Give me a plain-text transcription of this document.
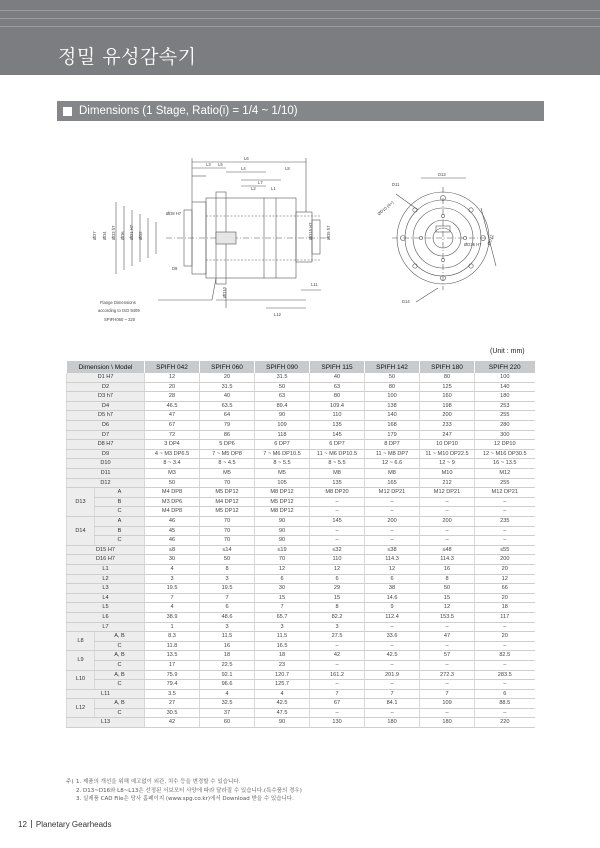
정밀 유성감속기
Dimensions (1 Stage, Ratio(i) = 1/4 ~ 1/10)
L6
L3 L5
L4	L8
L7
L2	L1
L11
L12
ØD8 H7
D9
ØD7 ØD4 ØD3 h7 ØD6 ØD1 H7 ØD2	ØD15 H7	ØD5 h7
ØD10
Flange Dimensions
according to ISO 9409
SPIFH060 ~ 220
D13
D11
ØD10 (4×)
ØD16 H7 ØD12
D14
(Unit : mm)
Dimension \ Model		SPIFH 042	SPIFH 060	SPIFH 090	SPIFH 115	SPIFH 142	SPIFH 180	SPIFH 220
D1 H7		12	20	31.5	40	50	80	100
D2		20	31.5	50	63	80	125	140
D3 h7		28	40	63	80	100	160	180
D4		46.5	63.5	89.4	109.4	138	198	253
D5 h7		47	64	90	110	140	200	255
D6		67	79	109	135	168	233	280
D7		72	86	118	145	179	247	300
D8 H7		3 DP4	5 DP6	6 DP7	6 DP7	8 DP7	10 DP10	12 DP10
D9		4 ~ M3 DP6.5	7 ~ M5 DP8	7 ~ M6 DP10.5	11 ~ M6 DP10.5	11 ~ M8 DP7	11 ~ M10 DP22.5	12 ~ M16 DP30.5
D10		8 ~ 3.4	8 ~ 4.5	8 ~ 5.5	8 ~ 5.5	12 ~ 6.6	12 ~ 9	16 ~ 13.5
D11		M3	M5	M5	M8	M8	M10	M12
D12		50	70	105	135	165	212	255
D13	A	M4 DP8	M5 DP12	M8 DP12	M8 DP20	M12 DP21	M12 DP21	M12 DP21
	B	M3 DP6	M4 DP12	M5 DP12	–	–	–	–
	C	M4 DP8	M5 DP12	M8 DP12	–	–	–	–
D14	A	46	70	90	145	200	200	235
	B	45	70	90	–	–	–	–
	C	46	70	90	–	–	–	–
D15 H7		≤8	≤14	≤19	≤32	≤38	≤48	≤55
D16 H7		30	50	70	110	114.3	114.3	200
L1		4	8	12	12	12	16	20
L2		3	3	6	6	6	8	12
L3		19.5	19.5	30	29	38	50	66
L4		7	7	15	15	14.6	15	20
L5		4	6	7	8	9	12	18
L6		38.9	48.6	65.7	82.2	112.4	153.5	117
L7		1	3	3	3	–	–	–
L8	A, B	8.3	11.5	11.5	27.5	33.6	47	20
	C	11.8	16	16.5	–	–	–	–
L9	A, B	13.5	18	18	42	42.5	57	82.5
	C	17	22.5	23	–	–	–	–
L10	A, B	75.9	92.1	120.7	161.2	201.9	272.3	283.5
	C	79.4	96.6	125.7	–	–	–	–
L11		3.5	4	4	7	7	7	6
L12	A, B	27	32.5	42.5	67	84.1	109	88.5
	C	30.5	37	47.5	–	–	–	–
L13		42	60	90	130	180	180	220
주) 1. 제품의 개선을 위해 예고없이 외관, 치수 등을 변경할 수 있습니다.
2. D13~D16와 L8~L13은 선정된 서보모터 사양에 따라 달라질 수 있습니다.(특수품의 경우)
3. 실제품 CAD File은 당사 홈페이지 (www.spg.co.kr)에서 Download 받을 수 있습니다.
12 Planetary Gearheads
